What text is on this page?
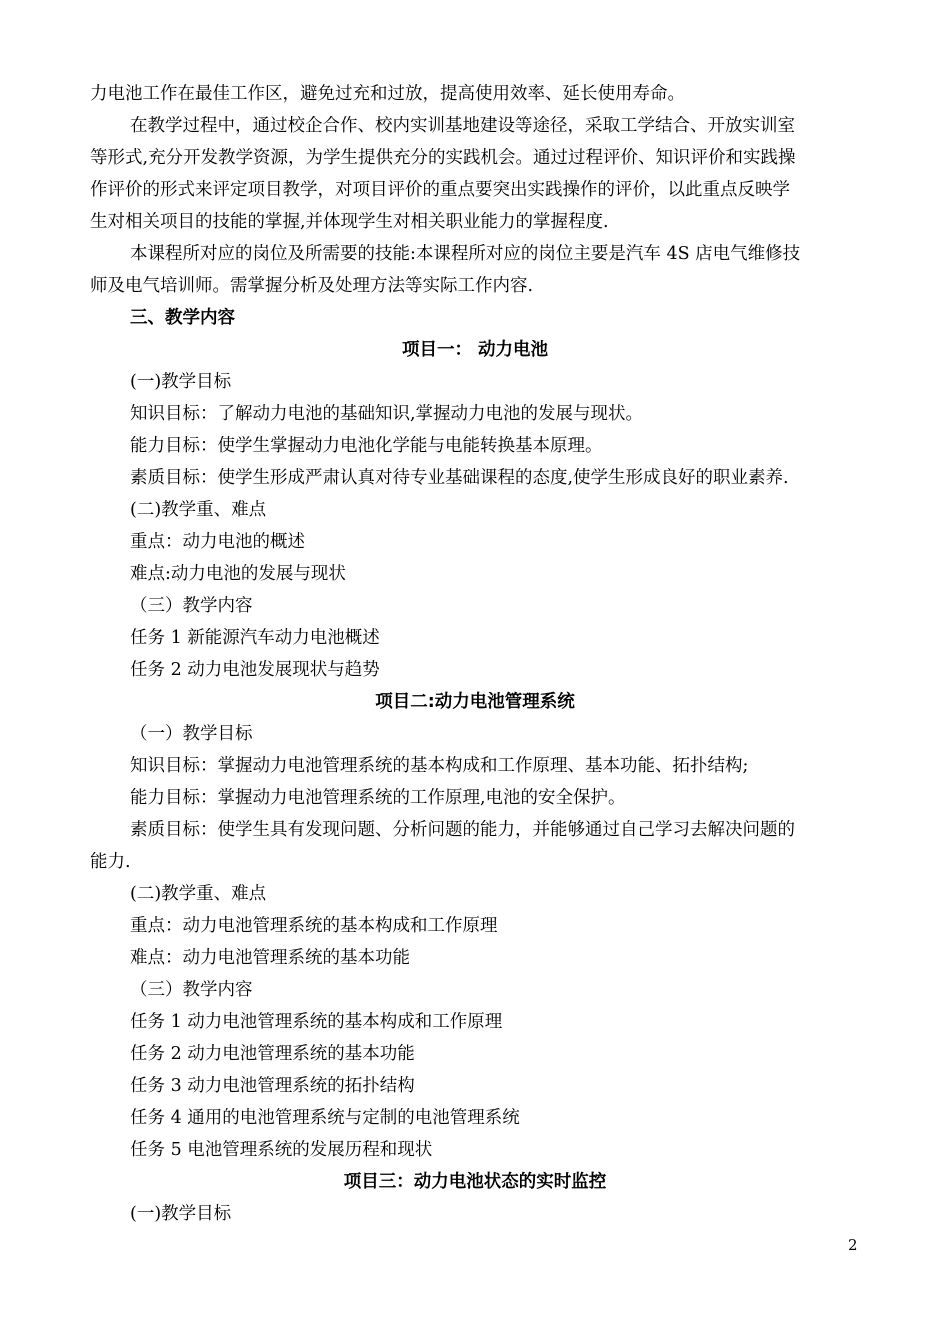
力电池工作在最佳工作区，避免过充和过放，提高使用效率、延长使用寿命。
在教学过程中，通过校企合作、校内实训基地建设等途径，采取工学结合、开放实训室
等形式,充分开发教学资源，为学生提供充分的实践机会。通过过程评价、知识评价和实践操
作评价的形式来评定项目教学，对项目评价的重点要突出实践操作的评价，以此重点反映学
生对相关项目的技能的掌握,并体现学生对相关职业能力的掌握程度.
本课程所对应的岗位及所需要的技能:本课程所对应的岗位主要是汽车 4S 店电气维修技
师及电气培训师。需掌握分析及处理方法等实际工作内容.
三、教学内容
项目一： 动力电池
(一)教学目标
知识目标：了解动力电池的基础知识,掌握动力电池的发展与现状。
能力目标：使学生掌握动力电池化学能与电能转换基本原理。
素质目标：使学生形成严肃认真对待专业基础课程的态度,使学生形成良好的职业素养.
(二)教学重、难点
重点：动力电池的概述
难点:动力电池的发展与现状
（三）教学内容
任务 1 新能源汽车动力电池概述
任务 2 动力电池发展现状与趋势
项目二:动力电池管理系统
（一）教学目标
知识目标：掌握动力电池管理系统的基本构成和工作原理、基本功能、拓扑结构;
能力目标：掌握动力电池管理系统的工作原理,电池的安全保护。
素质目标：使学生具有发现问题、分析问题的能力，并能够通过自己学习去解决问题的
能力.
(二)教学重、难点
重点：动力电池管理系统的基本构成和工作原理
难点：动力电池管理系统的基本功能
（三）教学内容
任务 1 动力电池管理系统的基本构成和工作原理
任务 2 动力电池管理系统的基本功能
任务 3 动力电池管理系统的拓扑结构
任务 4 通用的电池管理系统与定制的电池管理系统
任务 5 电池管理系统的发展历程和现状
项目三：动力电池状态的实时监控
(一)教学目标
2
